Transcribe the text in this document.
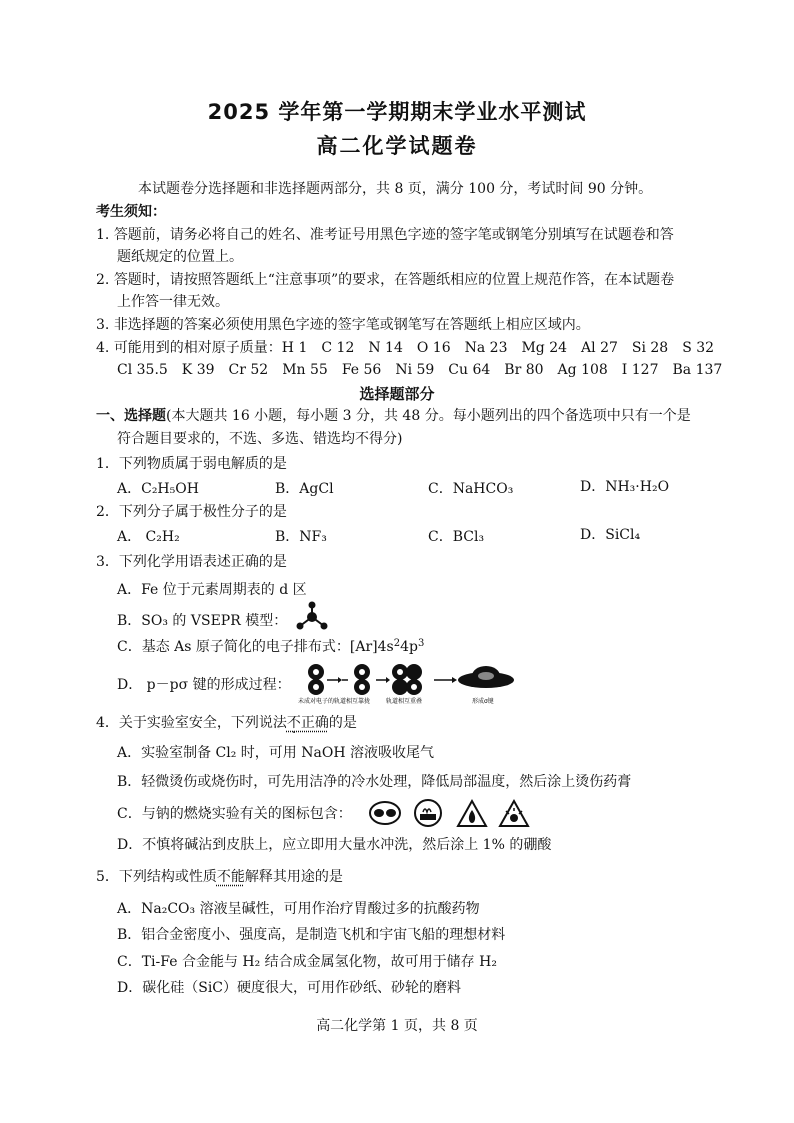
2025 学年第一学期期末学业水平测试
高二化学试题卷
本试题卷分选择题和非选择题两部分，共 8 页，满分 100 分，考试时间 90 分钟。
考生须知：
1. 答题前，请务必将自己的姓名、准考证号用黑色字迹的签字笔或钢笔分别填写在试题卷和答
题纸规定的位置上。
2. 答题时，请按照答题纸上“注意事项”的要求，在答题纸相应的位置上规范作答，在本试题卷
上作答一律无效。
3. 非选择题的答案必须使用黑色字迹的签字笔或钢笔写在答题纸上相应区域内。
4. 可能用到的相对原子质量：H 1　C 12　N 14　O 16　Na 23　Mg 24　Al 27　Si 28　S 32
Cl 35.5　K 39　Cr 52　Mn 55　Fe 56　Ni 59　Cu 64　Br 80　Ag 108　I 127　Ba 137
选择题部分
一、选择题(本大题共 16 小题，每小题 3 分，共 48 分。每小题列出的四个备选项中只有一个是
符合题目要求的，不选、多选、错选均不得分)
1．下列物质属于弱电解质的是
A．C₂H₅OH	B．AgCl	C．NaHCO₃	D．NH₃·H₂O
2．下列分子属于极性分子的是
A． C₂H₂	B．NF₃	C．BCl₃	D．SiCl₄
3．下列化学用语表述正确的是
A．Fe 位于元素周期表的 d 区
B．SO₃ 的 VSEPR 模型：
C．基态 As 原子简化的电子排布式：$[Ar]4s^24p^3$
D． p－pσ 键的形成过程：
未成对电子的轨道相互靠拢	轨道相互重叠	形成σ键
4．关于实验室安全，下列说法不正确的是
A．实验室制备 Cl₂ 时，可用 NaOH 溶液吸收尾气
B．轻微烫伤或烧伤时，可先用洁净的冷水处理，降低局部温度，然后涂上烫伤药膏
C．与钠的燃烧实验有关的图标包含：
D．不慎将碱沾到皮肤上，应立即用大量水冲洗，然后涂上 1% 的硼酸
5．下列结构或性质不能解释其用途的是
A．Na₂CO₃ 溶液呈碱性，可用作治疗胃酸过多的抗酸药物
B．铝合金密度小、强度高，是制造飞机和宇宙飞船的理想材料
C．Ti-Fe 合金能与 H₂ 结合成金属氢化物，故可用于储存 H₂
D．碳化硅（SiC）硬度很大，可用作砂纸、砂轮的磨料
高二化学第 1 页，共 8 页
